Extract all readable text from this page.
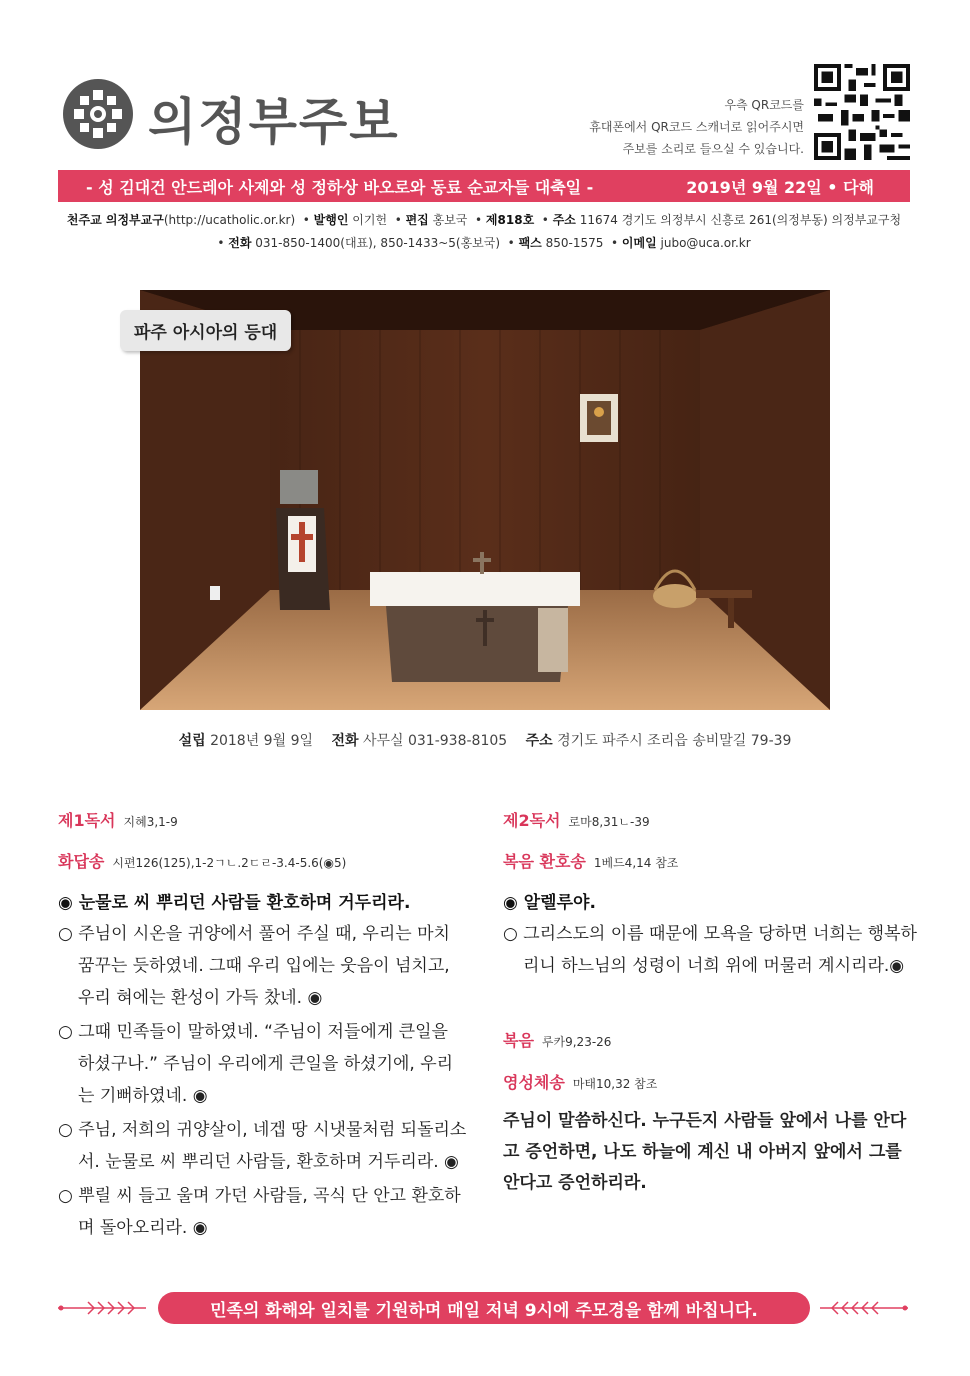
의정부주보	우측 QR코드를
휴대폰에서 QR코드 스캐너로 읽어주시면
주보를 소리로 들으실 수 있습니다.
- 성 김대건 안드레아 사제와 성 정하상 바오로와 동료 순교자들 대축일 -	2019년 9월 22일 • 다해
천주교 의정부교구(http://ucatholic.or.kr)  • 발행인 이기헌  • 편집 홍보국  • 제818호  • 주소 11674 경기도 의정부시 신흥로 261(의정부동) 의정부교구청
• 전화 031-850-1400(대표), 850-1433~5(홍보국)  • 팩스 850-1575  • 이메일 jubo@uca.or.kr
파주 아시아의 등대
설립 2018년 9월 9일 전화 사무실 031-938-8105 주소 경기도 파주시 조리읍 송비말길 79-39
제1독서 지혜3,1-9
화답송 시편126(125),1-2ㄱㄴ.2ㄷㄹ-3.4-5.6(◉5)
◉ 눈물로 씨 뿌리던 사람들 환호하며 거두리라.
○ 주님이 시온을 귀양에서 풀어 주실 때, 우리는 마치 꿈꾸는 듯하였네. 그때 우리 입에는 웃음이 넘치고, 우리 혀에는 환성이 가득 찼네. ◉
○ 그때 민족들이 말하였네. “주님이 저들에게 큰일을 하셨구나.” 주님이 우리에게 큰일을 하셨기에, 우리는 기뻐하였네. ◉
○ 주님, 저희의 귀양살이, 네겝 땅 시냇물처럼 되돌리소서. 눈물로 씨 뿌리던 사람들, 환호하며 거두리라. ◉
○ 뿌릴 씨 들고 울며 가던 사람들, 곡식 단 안고 환호하며 돌아오리라. ◉
제2독서 로마8,31ㄴ-39
복음 환호송 1베드4,14 참조
◉ 알렐루야.
○ 그리스도의 이름 때문에 모욕을 당하면 너희는 행복하리니 하느님의 성령이 너희 위에 머물러 계시리라.◉
복음 루카9,23-26
영성체송 마태10,32 참조
주님이 말씀하신다. 누구든지 사람들 앞에서 나를 안다고 증언하면, 나도 하늘에 계신 내 아버지 앞에서 그를 안다고 증언하리라.
민족의 화해와 일치를 기원하며 매일 저녁 9시에 주모경을 함께 바칩니다.
